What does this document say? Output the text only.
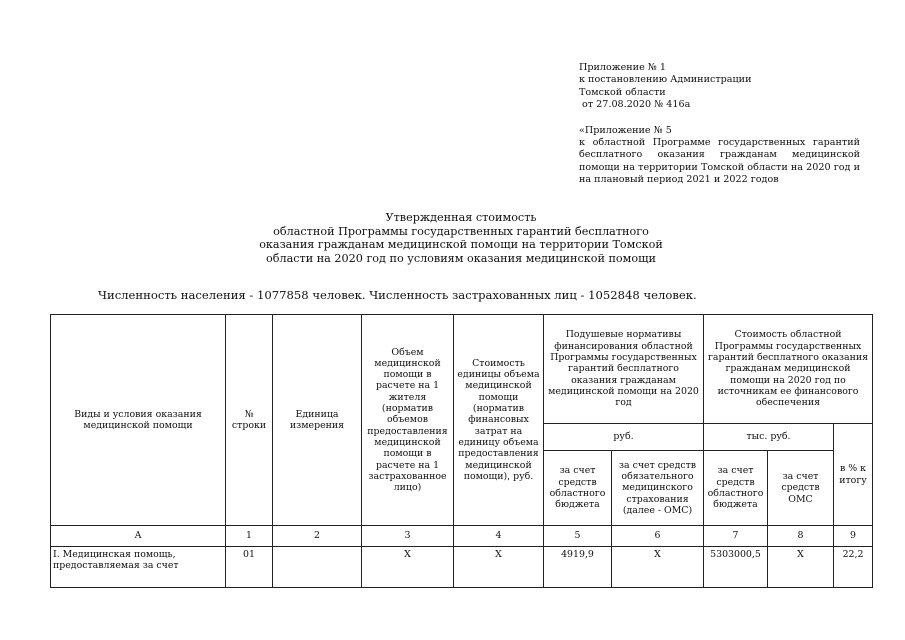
Приложение № 1
к постановлению Администрации
Томской области
от 27.08.2020 № 416а
«Приложение № 5
к областной Программе государственных гарантий бесплатного оказания гражданам медицинской помощи на территории Томской области на 2020 год и на плановый период 2021 и 2022 годов
Утвержденная стоимость
областной Программы государственных гарантий бесплатного
оказания гражданам медицинской помощи на территории Томской
области на 2020 год по условиям оказания медицинской помощи
Численность населения - 1077858 человек. Численность застрахованных лиц - 1052848 человек.
Виды и условия оказания медицинской помощи	№ строки	Единица измерения	Объем медицинской помощи в расчете на 1 жителя (норматив объемов предоставления медицинской помощи в расчете на 1 застрахованное лицо)	Стоимость единицы объема медицинской помощи (норматив финансовых затрат на единицу объема предоставления медицинской помощи), руб.	Подушевые нормативы финансирования областной Программы государственных гарантий бесплатного оказания гражданам медицинской помощи на 2020 год		Стоимость областной Программы государственных гарантий бесплатного оказания гражданам медицинской помощи на 2020 год по источникам ее финансового обеспечения		
					руб.		тыс. руб.		в % к итогу
					за счет средств областного бюджета	за счет средств обязательного медицинского страхования (далее - ОМС)	за счет средств областного бюджета	за счет средств ОМС	
А	1	2	3	4	5	6	7	8	9
I. Медицинская помощь, предоставляемая за счет	01		Х	Х	4919,9	Х	5303000,5	Х	22,2
